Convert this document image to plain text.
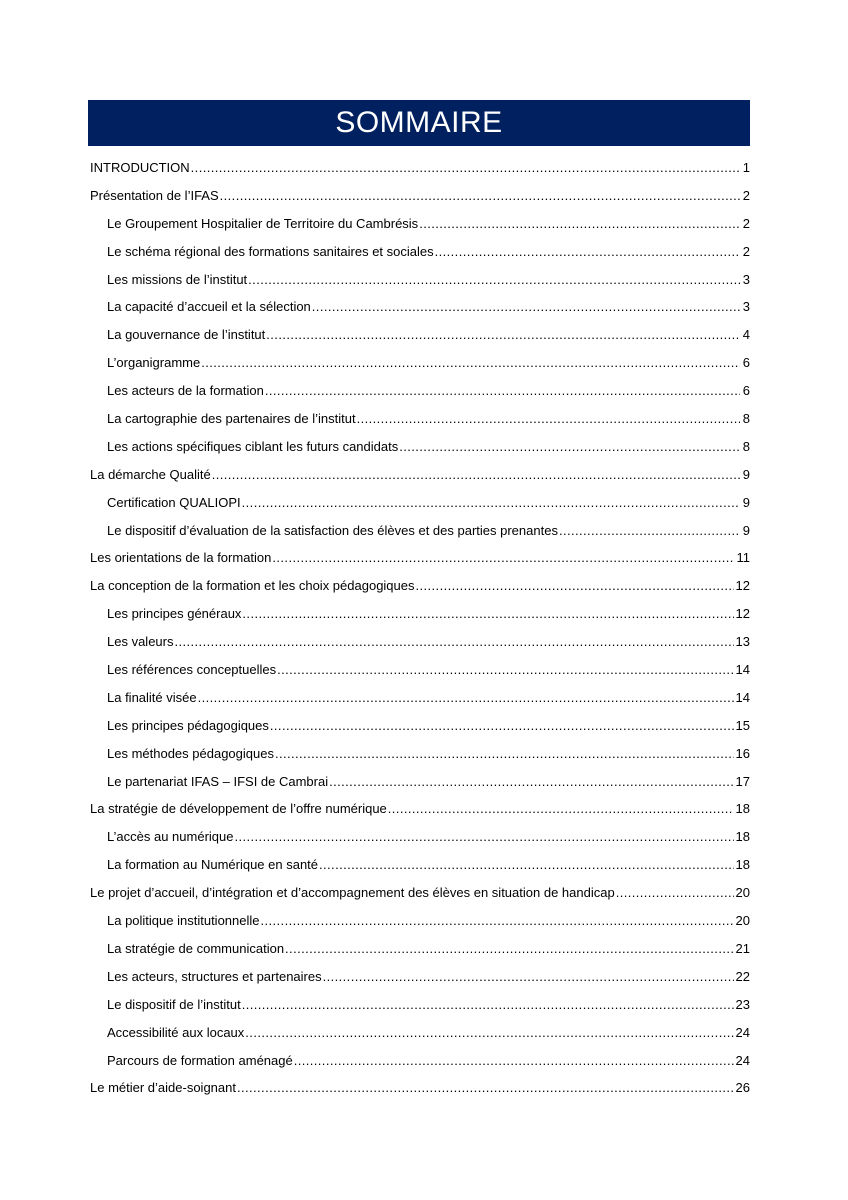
SOMMAIRE
INTRODUCTION .....	1
Présentation de l’IFAS .....	2
Le Groupement Hospitalier de Territoire du Cambrésis .....	2
Le schéma régional des formations sanitaires et sociales .....	2
Les missions de l’institut .....	3
La capacité d’accueil et la sélection .....	3
La gouvernance de l’institut .....	4
L’organigramme .....	6
Les acteurs de la formation .....	6
La cartographie des partenaires de l’institut .....	8
Les actions spécifiques ciblant les futurs candidats .....	8
La démarche Qualité .....	9
Certification QUALIOPI .....	9
Le dispositif d’évaluation de la satisfaction des élèves et des parties prenantes .....	9
Les orientations de la formation .....	11
La conception de la formation et les choix pédagogiques .....	12
Les principes généraux .....	12
Les valeurs .....	13
Les références conceptuelles .....	14
La finalité visée .....	14
Les principes pédagogiques .....	15
Les méthodes pédagogiques .....	16
Le partenariat IFAS – IFSI de Cambrai .....	17
La stratégie de développement de l’offre numérique .....	18
L’accès au numérique .....	18
La formation au Numérique en santé .....	18
Le projet d’accueil, d’intégration et d’accompagnement des élèves en situation de handicap .....	20
La politique institutionnelle .....	20
La stratégie de communication .....	21
Les acteurs, structures et partenaires .....	22
Le dispositif de l’institut .....	23
Accessibilité aux locaux .....	24
Parcours de formation aménagé .....	24
Le métier d’aide-soignant .....	26
